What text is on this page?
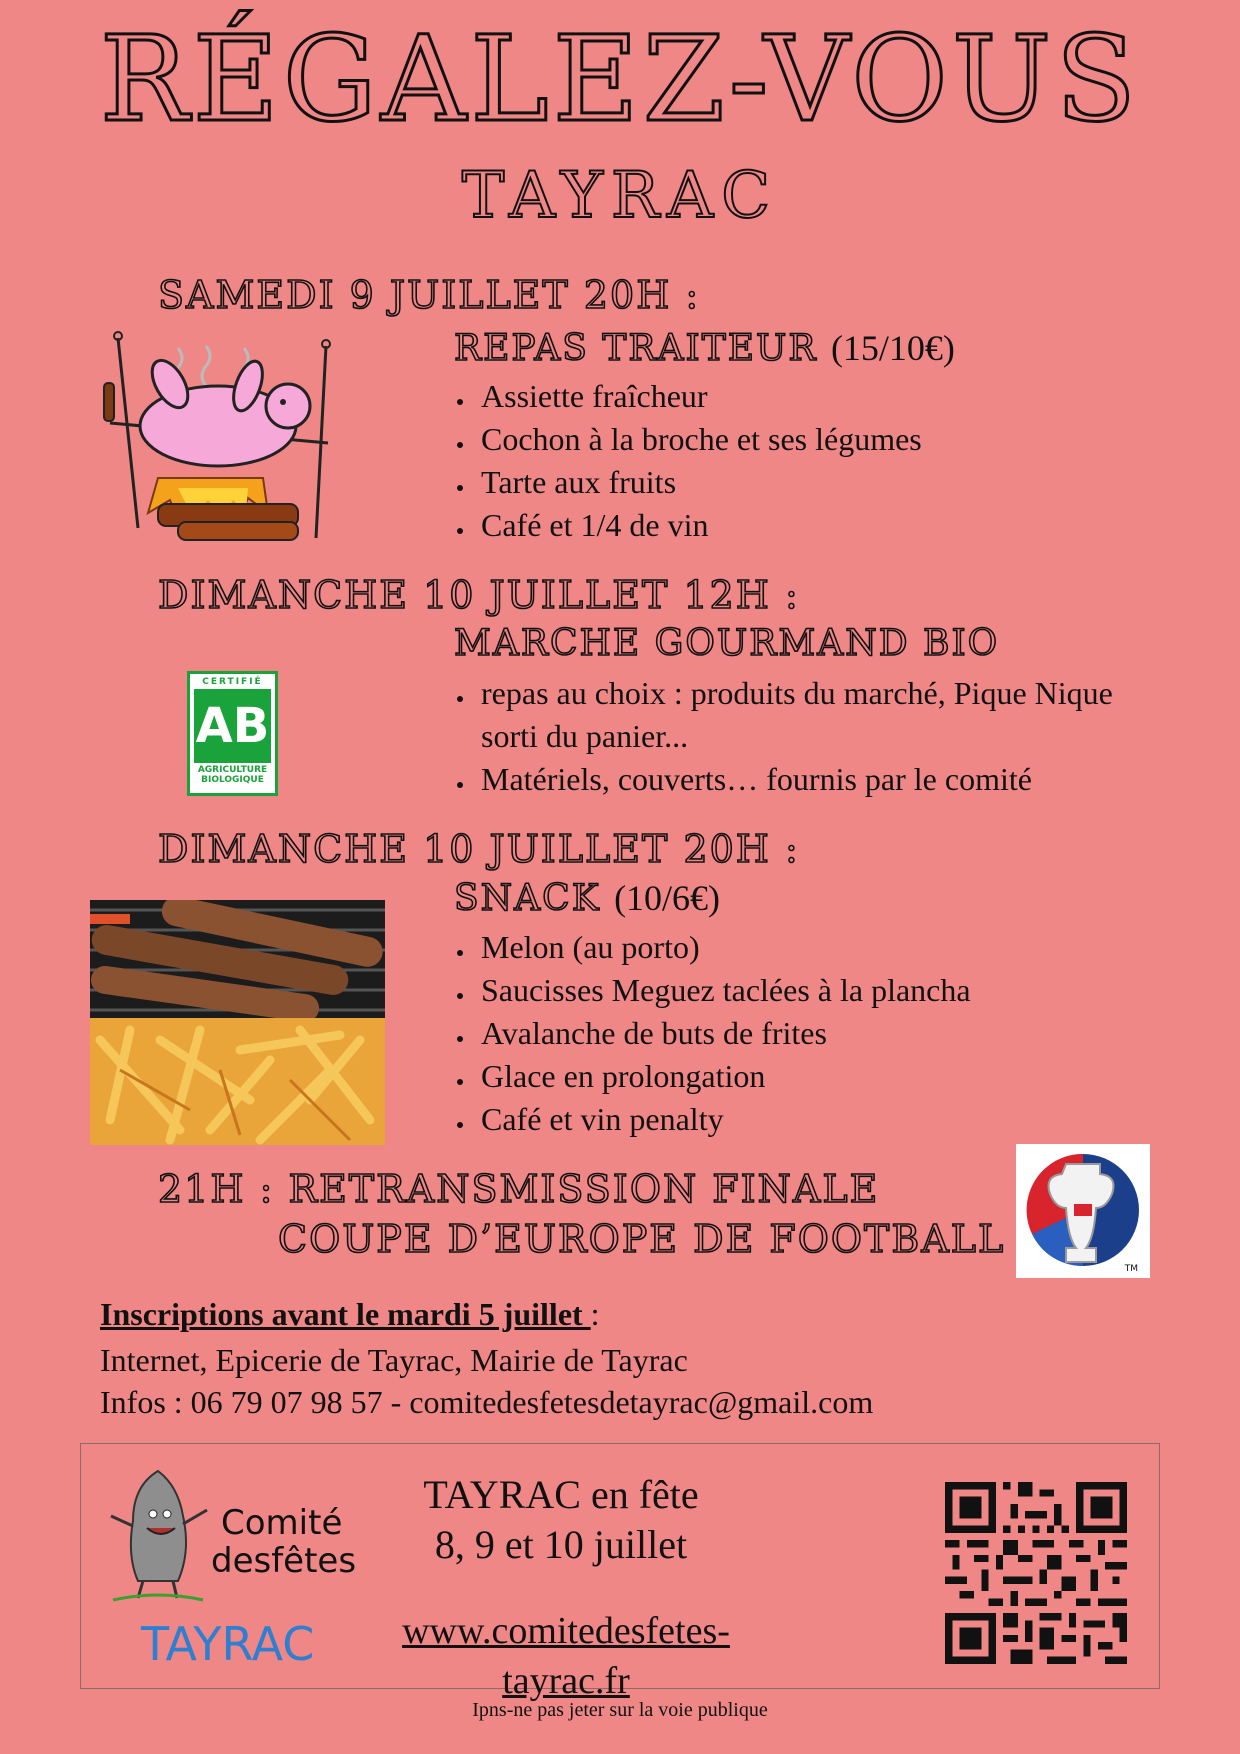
RÉGALEZ-VOUS
TAYRAC
SAMEDI 9 JUILLET 20H :
REPAS TRAITEUR (15/10€)
Assiette fraîcheur
Cochon à la broche et ses légumes
Tarte aux fruits
Café et 1/4 de vin
DIMANCHE 10 JUILLET 12H :
MARCHE GOURMAND BIO
CERTIFIÉ
AB
AGRICULTURE
BIOLOGIQUE
repas au choix : produits du marché, Pique Nique sorti du panier...
Matériels, couverts… fournis par le comité
DIMANCHE 10 JUILLET 20H :
SNACK (10/6€)
Melon (au porto)
Saucisses Meguez taclées à la plancha
Avalanche de buts de frites
Glace en prolongation
Café et vin penalty
21H : RETRANSMISSION FINALE
COUPE D’EUROPE DE FOOTBALL
TM
Inscriptions avant le mardi 5 juillet :
Internet, Epicerie de Tayrac, Mairie de Tayrac
Infos : 06 79 07 98 57 - comitedesfetesdetayrac@gmail.com
Comité
desfêtes
TAYRAC
TAYRAC en fête
8, 9 et 10 juillet
www.comitedesfetes-tayrac.fr
Ipns-ne pas jeter sur la voie publique
